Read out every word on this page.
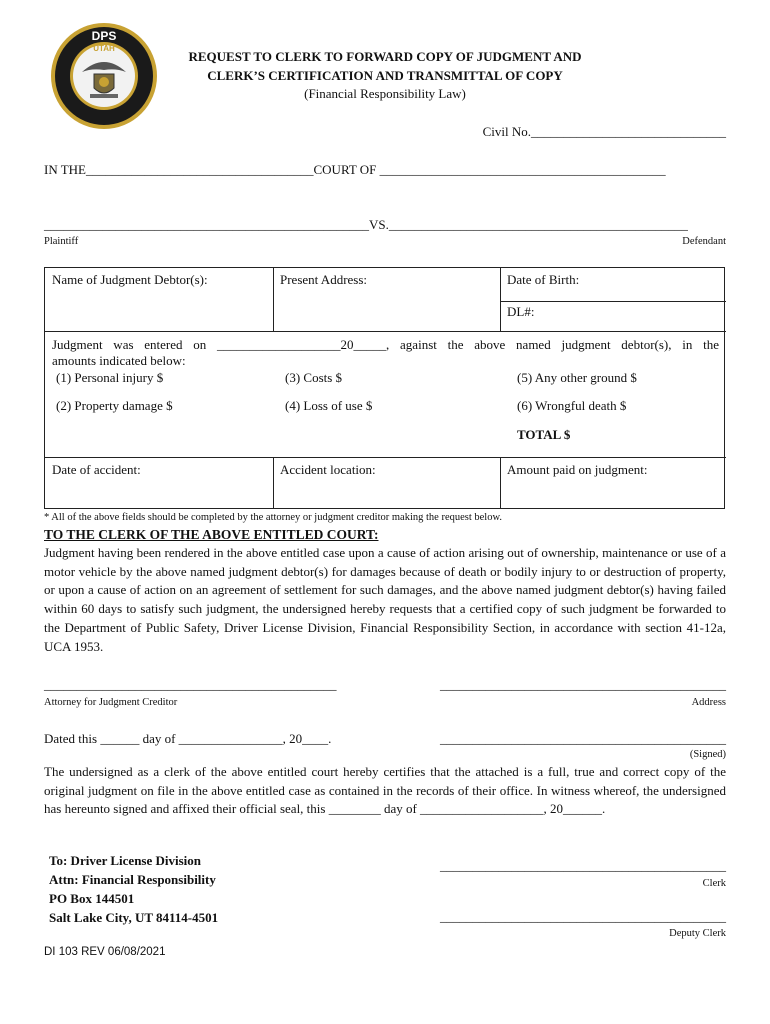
DPS
UTAH
REQUEST TO CLERK TO FORWARD COPY OF JUDGMENT AND
CLERK’S CERTIFICATION AND TRANSMITTAL OF COPY
(Financial Responsibility Law)
Civil No.______________________________
IN THE___________________________________COURT OF ____________________________________________
__________________________________________________VS.______________________________________________
Plaintiff	Defendant
Name of Judgment Debtor(s):	Present Address:	Date of Birth:
DL#:
Judgment was entered on ___________________20_____, against the above named judgment debtor(s), in the
amounts indicated below:
(1) Personal injury $	(3) Costs $	(5) Any other ground $
(2) Property damage $	(4) Loss of use $	(6) Wrongful death $
TOTAL $
Date of accident:	Accident location:	Amount paid on judgment:
* All of the above fields should be completed by the attorney or judgment creditor making the request below.
TO THE CLERK OF THE ABOVE ENTITLED COURT:
Judgment having been rendered in the above entitled case upon a cause of action arising out of ownership, maintenance or use of a motor vehicle by the above named judgment debtor(s) for damages because of death or bodily injury to or destruction of property, or upon a cause of action on an agreement of settlement for such damages, and the above named judgment debtor(s) having failed within 60 days to satisfy such judgment, the undersigned hereby requests that a certified copy of such judgment be forwarded to the Department of Public Safety, Driver License Division, Financial Responsibility Section, in accordance with section 41-12a, UCA 1953.
_____________________________________________
Attorney for Judgment Creditor
____________________________________________
Address
Dated this ______ day of ________________, 20____.	____________________________________________
(Signed)
The undersigned as a clerk of the above entitled court hereby certifies that the attached is a full, true and correct copy of the original judgment on file in the above entitled case as contained in the records of their office. In witness whereof, the undersigned has hereunto signed and affixed their official seal, this ________ day of ___________________, 20______.
To: Driver License Division
Attn: Financial Responsibility
PO Box 144501
Salt Lake City, UT 84114-4501
____________________________________________
Clerk
____________________________________________
Deputy Clerk
DI 103 REV 06/08/2021
